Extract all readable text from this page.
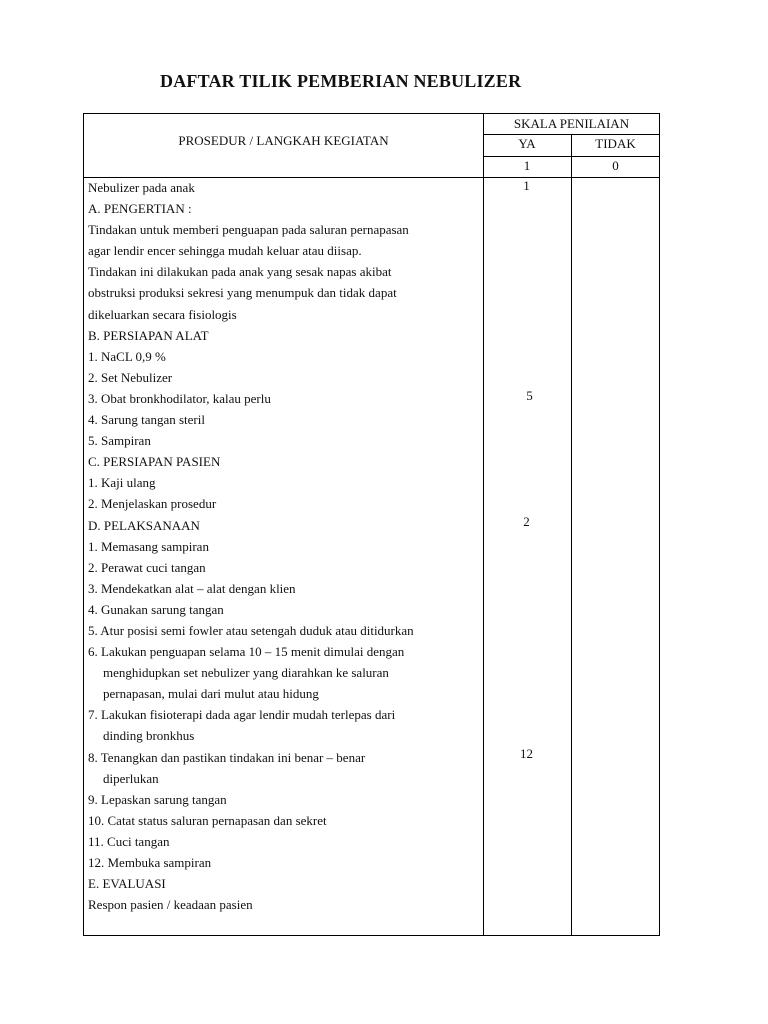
DAFTAR TILIK PEMBERIAN NEBULIZER
PROSEDUR / LANGKAH KEGIATAN
SKALA PENILAIAN
YA	TIDAK
1	0
Nebulizer pada anak
A. PENGERTIAN :
Tindakan untuk memberi penguapan pada saluran pernapasan
agar lendir encer sehingga mudah keluar atau diisap.
Tindakan ini dilakukan pada anak yang sesak napas akibat
obstruksi produksi sekresi yang menumpuk dan tidak dapat
dikeluarkan secara fisiologis
B. PERSIAPAN ALAT
1. NaCL 0,9 %
2. Set Nebulizer
3. Obat bronkhodilator, kalau perlu
4. Sarung tangan steril
5. Sampiran
C. PERSIAPAN PASIEN
1. Kaji ulang
2. Menjelaskan prosedur
D. PELAKSANAAN
1. Memasang sampiran
2. Perawat cuci tangan
3. Mendekatkan alat – alat dengan klien
4. Gunakan sarung tangan
5. Atur posisi semi fowler atau setengah duduk atau ditidurkan
6. Lakukan penguapan selama 10 – 15 menit dimulai dengan
menghidupkan set nebulizer yang diarahkan ke saluran
pernapasan, mulai dari mulut atau hidung
7. Lakukan fisioterapi dada agar lendir mudah terlepas dari
dinding bronkhus
8. Tenangkan dan pastikan tindakan ini benar – benar
diperlukan
9. Lepaskan sarung tangan
10. Catat status saluran pernapasan dan sekret
11. Cuci tangan
12. Membuka sampiran
E. EVALUASI
Respon pasien / keadaan pasien
1
5
2
12
